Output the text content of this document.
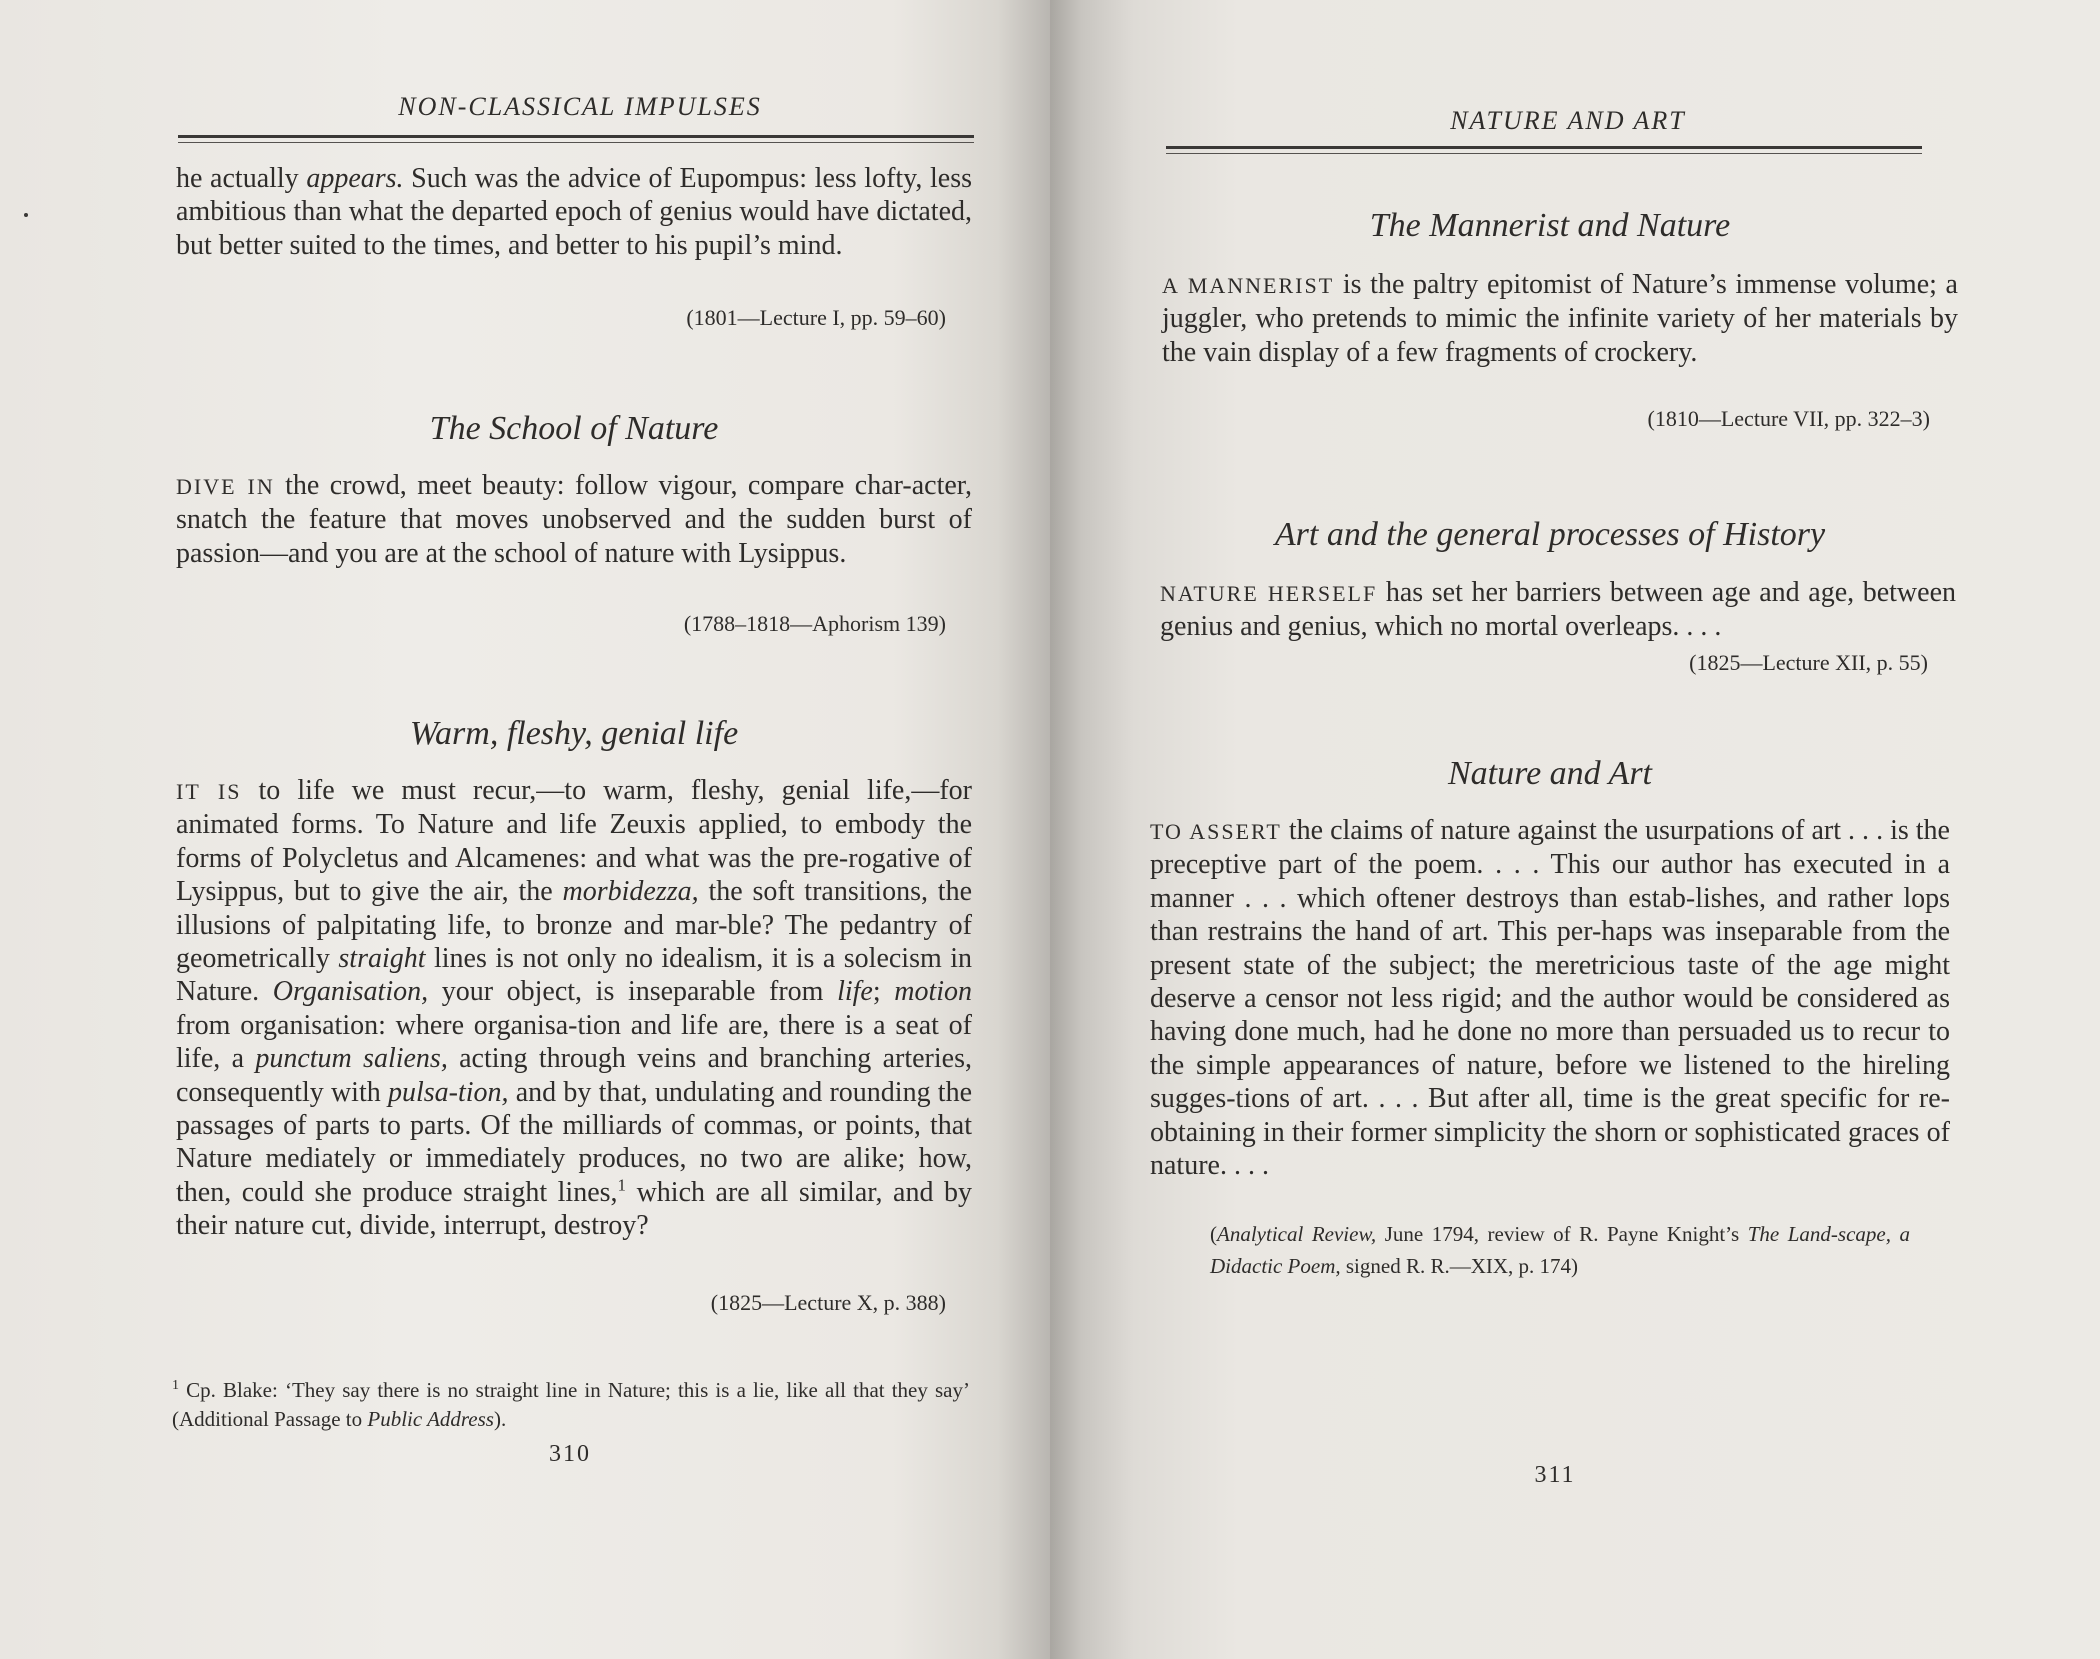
NON-CLASSICAL IMPULSES

he actually appears. Such was the advice of Eupompus: less lofty, less ambitious than what the departed epoch of genius would have dictated, but better suited to the times, and better to his pupil’s mind.

(1801—Lecture I, pp. 59–60)

The School of Nature

DIVE IN the crowd, meet beauty: follow vigour, compare char-acter, snatch the feature that moves unobserved and the sudden burst of passion—and you are at the school of nature with Lysippus.

(1788–1818—Aphorism 139)

Warm, fleshy, genial life

IT IS to life we must recur,—to warm, fleshy, genial life,—for animated forms. To Nature and life Zeuxis applied, to embody the forms of Polycletus and Alcamenes: and what was the pre-rogative of Lysippus, but to give the air, the morbidezza, the soft transitions, the illusions of palpitating life, to bronze and mar-ble? The pedantry of geometrically straight lines is not only no idealism, it is a solecism in Nature. Organisation, your object, is inseparable from life; motion from organisation: where organisa-tion and life are, there is a seat of life, a punctum saliens, acting through veins and branching arteries, consequently with pulsa-tion, and by that, undulating and rounding the passages of parts to parts. Of the milliards of commas, or points, that Nature mediately or immediately produces, no two are alike; how, then, could she produce straight lines,$^1$ which are all similar, and by their nature cut, divide, interrupt, destroy?

(1825—Lecture X, p. 388)

$^1$ Cp. Blake: ‘They say there is no straight line in Nature; this is a lie, like all that they say’ (Additional Passage to Public Address).

310
NATURE AND ART
The Mannerist and Nature

A MANNERIST is the paltry epitomist of Nature’s immense volume; a juggler, who pretends to mimic the infinite variety of her materials by the vain display of a few fragments of crockery.

(1810—Lecture VII, pp. 322–3)

Art and the general processes of History

NATURE HERSELF has set her barriers between age and age, between genius and genius, which no mortal overleaps. . . .

(1825—Lecture XII, p. 55)

Nature and Art

TO ASSERT the claims of nature against the usurpations of art . . . is the preceptive part of the poem. . . . This our author has executed in a manner . . . which oftener destroys than estab-lishes, and rather lops than restrains the hand of art. This per-haps was inseparable from the present state of the subject; the meretricious taste of the age might deserve a censor not less rigid; and the author would be considered as having done much, had he done no more than persuaded us to recur to the simple appearances of nature, before we listened to the hireling sugges-tions of art. . . . But after all, time is the great specific for re-obtaining in their former simplicity the shorn or sophisticated graces of nature. . . .

(Analytical Review, June 1794, review of R. Payne Knight’s The Land-scape, a Didactic Poem, signed R. R.—XIX, p. 174)

311
